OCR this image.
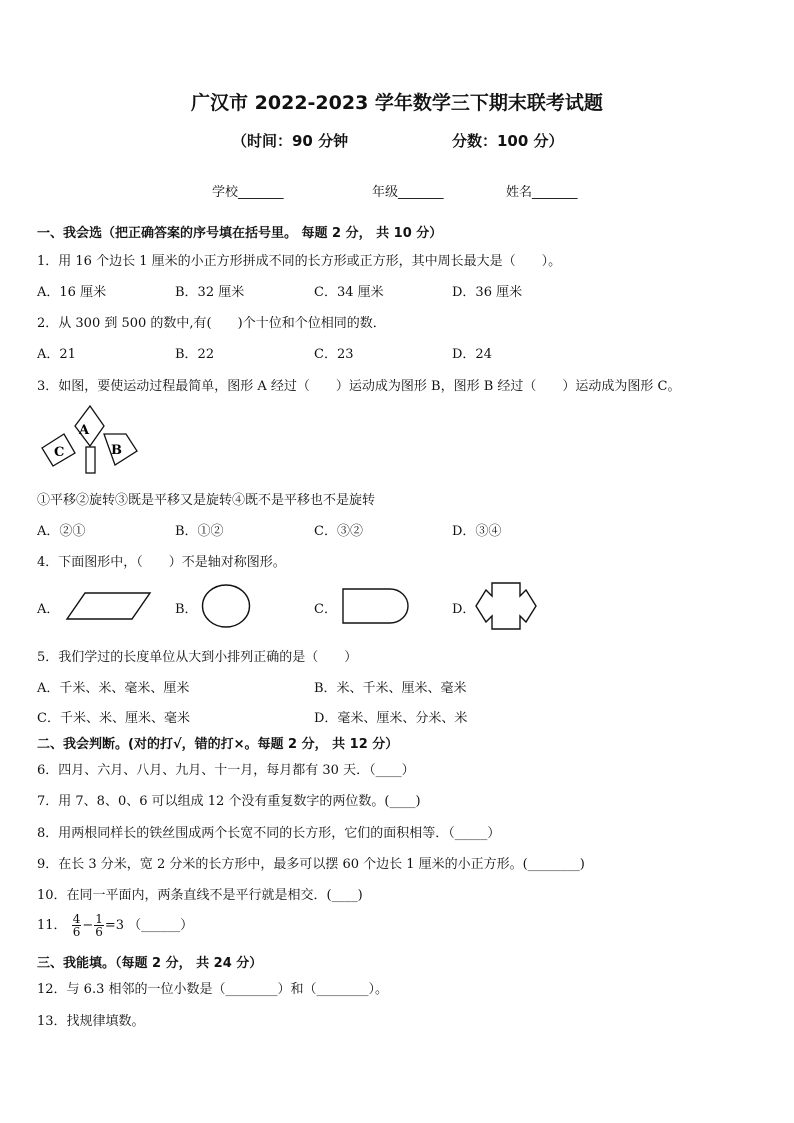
广汉市 2022-2023 学年数学三下期末联考试题
（时间：90 分钟	分数：100 分）
学校_______	年级_______	姓名_______
一、我会选（把正确答案的序号填在括号里。 每题 2 分， 共 10 分）
1．用 16 个边长 1 厘米的小正方形拼成不同的长方形或正方形，其中周长最大是（　　）。
A．16 厘米	B．32 厘米	C．34 厘米	D．36 厘米
2．从 300 到 500 的数中,有(　　)个十位和个位相同的数．
A．21	B．22	C．23	D．24
3．如图，要使运动过程最简单，图形 A 经过（　　）运动成为图形 B，图形 B 经过（　　）运动成为图形 C。
A
B
C
①平移②旋转③既是平移又是旋转④既不是平移也不是旋转
A．②①	B．①②	C．③②	D．③④
4．下面图形中，（　　）不是轴对称图形。
A．	B．	C．	D．
5．我们学过的长度单位从大到小排列正确的是（　　）
A．千米、米、毫米、厘米	B．米、千米、厘米、毫米
C．千米、米、厘米、毫米	D．毫米、厘米、分米、米
二、我会判断。(对的打√，错的打×。每题 2 分， 共 12 分）
6．四月、六月、八月、九月、十一月，每月都有 30 天．（____）
7．用 7、8、0、6 可以组成 12 个没有重复数字的两位数。(____)
8．用两根同样长的铁丝围成两个长宽不同的长方形，它们的面积相等．（_____）
9．在长 3 分米，宽 2 分米的长方形中，最多可以摆 60 个边长 1 厘米的小正方形。(________)
10．在同一平面内，两条直线不是平行就是相交．(____)
11． $\frac{4}{6} - \frac{1}{6} =3$ （______）
三、我能填。（每题 2 分， 共 24 分）
12．与 6.3 相邻的一位小数是（________）和（________）。
13．找规律填数。
